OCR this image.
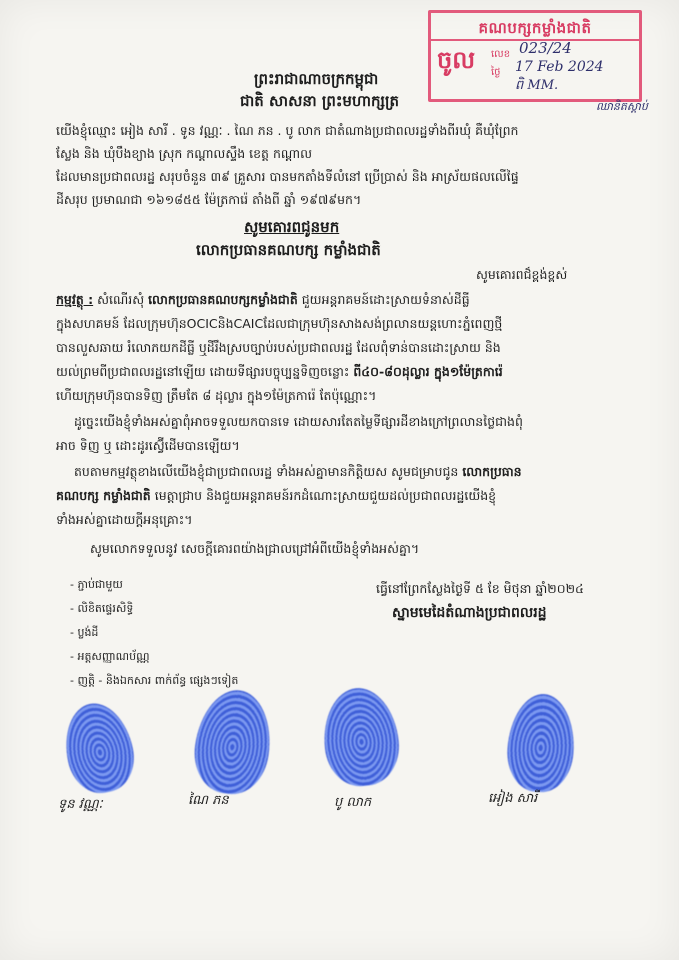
គណបក្សកម្លាំងជាតិ
ចូល លេខ 023/24
ថ្ងៃ 17 Feb 2024
ពិ MM.
ឈានិតស្តាប់
ព្រះរាជាណាចក្រកម្ពុជា
ជាតិ សាសនា ព្រះមហាក្សត្រ
យើងខ្ញុំឈ្មោះ អៀង សារី . ទូន វណ្ណៈ . ណៃ ភន . បូ លាក ជាតំណាងប្រជាពលរដ្ឋទាំងពីរឃុំ គឺឃុំព្រែក
ស្លែង និង ឃុំបឹងខ្យាង ស្រុក កណ្តាលស្ទឹង ខេត្ត កណ្តាល
ដែលមានប្រជាពលរដ្ឋ សរុបចំនួន ៣៩ គ្រួសារ បានមកតាំងទីលំនៅ ប្រើប្រាស់ និង អាស្រ័យផលលើផ្ទៃ
ដីសរុប ប្រមាណជា ១៦១៨៥៥ ម៉ែត្រការ៉េ តាំងពី ឆ្នាំ ១៩៧៩មក។
សូមគោរពជូនមក
លោកប្រធានគណបក្ស កម្លាំងជាតិ
សូមគោរពជ៏ខ្ពង់ខ្ពស់
កម្មវត្ថុ : សំណើរសុំ លោកប្រធានគណបក្សកម្លាំងជាតិ ជួយអន្តរាគមន៍ដោះស្រាយទំនាស់ដីធ្លី
ក្នុងសហគមន៍ ដែលក្រុមហ៊ុនOCICនិងCAICដែលជាក្រុមហ៊ុនសាងសង់ព្រលានយន្តហោះភ្នំពេញថ្មី
បានលួសឆាយ រំលោភយកដីធ្លី ឬដីរឹងស្របច្បាប់របស់ប្រជាពលរដ្ឋ ដែលពុំទាន់បានដោះស្រាយ និង
យល់ព្រមពីប្រជាពលរដ្ឋនៅឡើយ ដោយទីផ្សារបច្ចុប្បន្នទិញចន្លោះ ពី៤០-៨០ដុល្លារ ក្នុង១ម៉ែត្រការ៉េ
ហើយក្រុមហ៊ុនបានទិញ ត្រឹមតែ ៨ ដុល្លារ ក្នុង១ម៉ែត្រការ៉េ តែប៉ុណ្ណោះ។
ដូច្នេះយើងខ្ញុំទាំងអស់គ្នាពុំអាចទទួលយកបានទេ ដោយសារតែតម្លៃទីផ្សារដីខាងក្រៅព្រលានថ្លៃជាងពុំ
អាច ទិញ ឬ ដោះដូរស្វ៊ើដើមបានឡើយ។
តបតាមកម្មវត្ថុខាងលើយើងខ្ញុំជាប្រជាពលរដ្ឋ ទាំងអស់គ្នាមានកិត្តិយស សូមជម្រាបជូន លោកប្រធាន
គណបក្ស កម្លាំងជាតិ មេត្តាជ្រាប និងជួយអន្តរាគមន៍រកដំណោះស្រាយជួយដល់ប្រជាពលរដ្ឋយើងខ្ញុំ
ទាំងអស់គ្នាដោយក្តីអនុគ្រោះ។
សូមលោកទទួលនូវ សេចក្តីគោរពយ៉ាងជ្រាលជ្រៅអំពីយើងខ្ញុំទាំងអស់គ្នា។
- ភ្ជាប់ជាមួយ
- លិខិតផ្ទេរសិទ្ធិ
- ប្លង់ដី
- អត្តសញ្ញាណប័ណ្ណ
- ញត្តិ - និងឯកសារ ពាក់ព័ន្ធ ផ្សេងៗទៀត
ធ្វើនៅព្រែកស្លែងថ្ងៃទី ៥ ខែ មិថុនា ឆ្នាំ២០២៤
ស្នាមមេដៃតំណាងប្រជាពលរដ្ឋ
ទូន វណ្ណៈ	ណៃ ភន	បូ លាក	អៀង សារី
